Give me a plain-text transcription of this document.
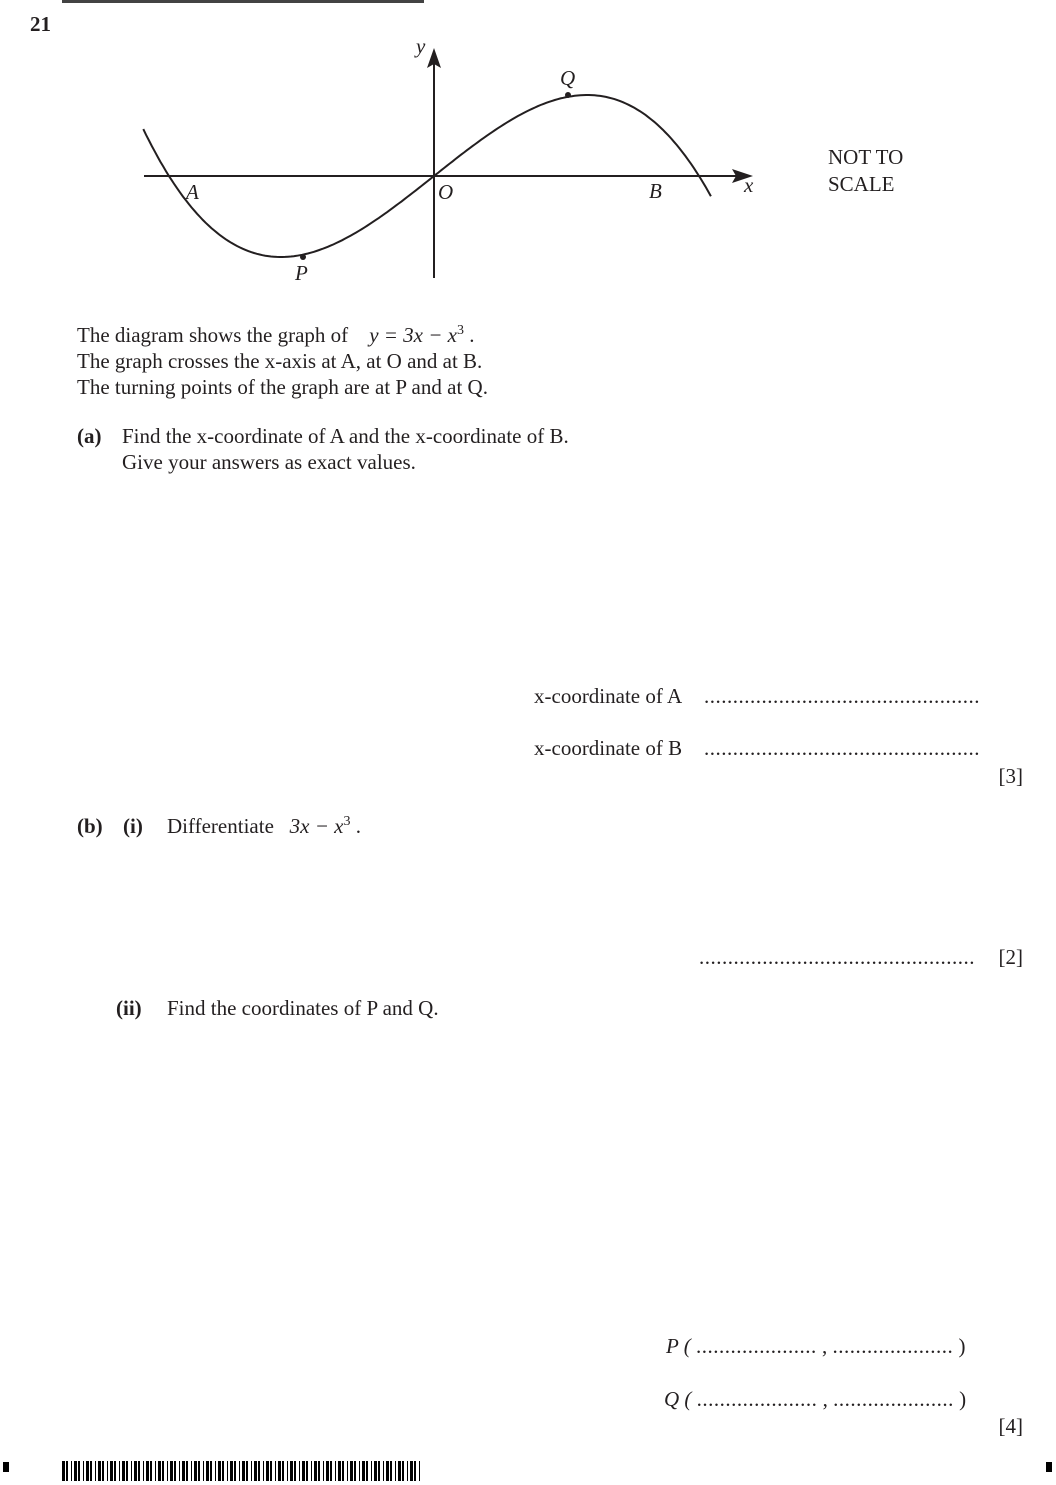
21
A	O	B
P
Q
x
y
NOT TO SCALE
The diagram shows the graph of $y = 3x - x^3$ .
The graph crosses the x-axis at A, at O and at B.
The turning points of the graph are at P and at Q.
(a) Find the x-coordinate of A and the x-coordinate of B.
Give your answers as exact values.
x-coordinate of A ................................................
x-coordinate of B ................................................
[3]
(b) (i) Differentiate $3x - x^3$ .
................................................ [2]
(ii) Find the coordinates of P and Q.
P ( ..................... , ..................... )
Q ( ..................... , ..................... )
[4]
